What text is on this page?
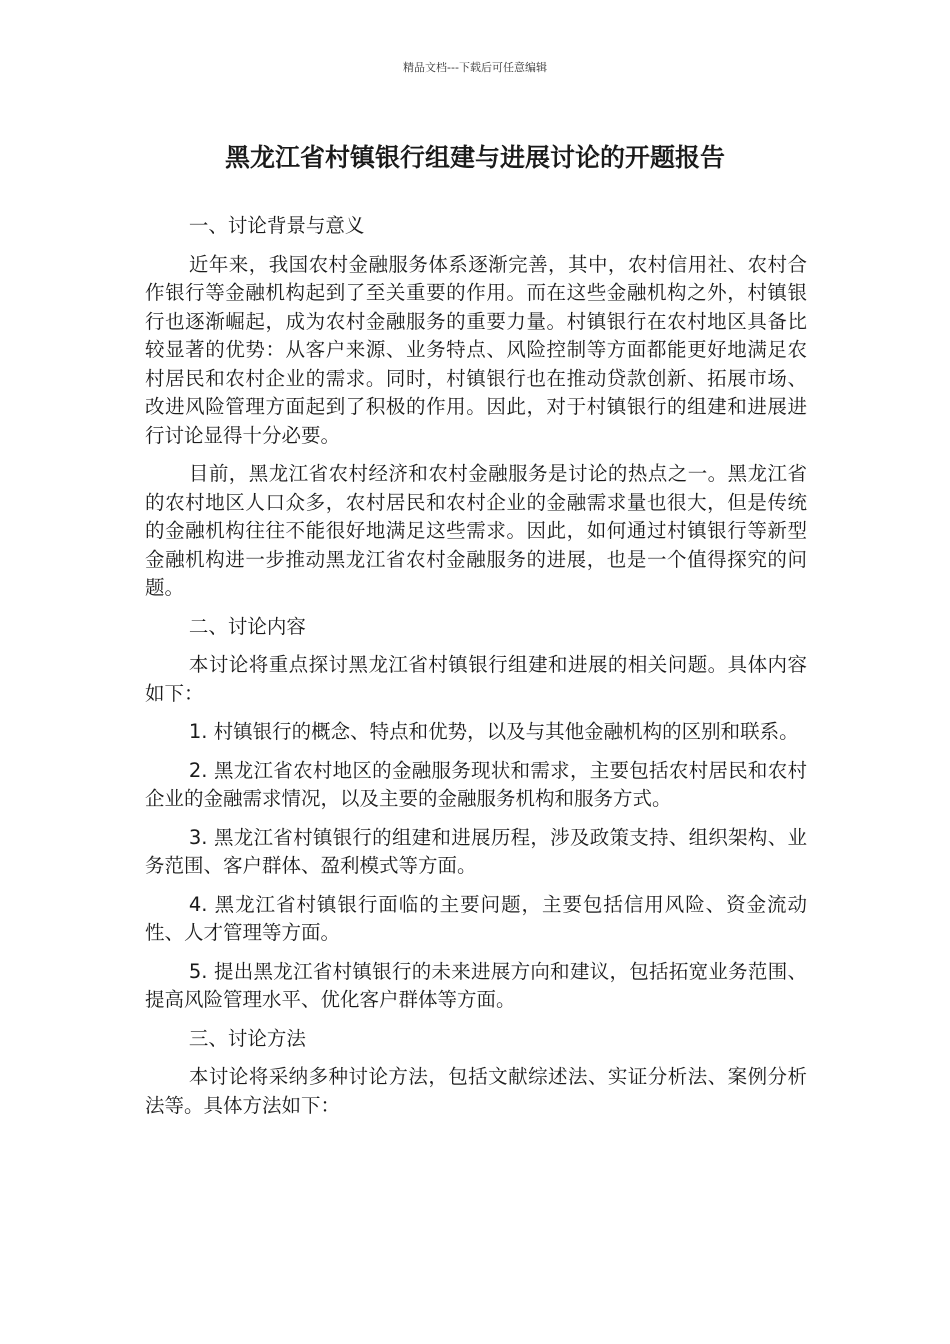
精品文档---下载后可任意编辑
黑龙江省村镇银行组建与进展讨论的开题报告

一、讨论背景与意义

近年来，我国农村金融服务体系逐渐完善，其中，农村信用社、农村合作银行等金融机构起到了至关重要的作用。而在这些金融机构之外，村镇银行也逐渐崛起，成为农村金融服务的重要力量。村镇银行在农村地区具备比较显著的优势：从客户来源、业务特点、风险控制等方面都能更好地满足农村居民和农村企业的需求。同时，村镇银行也在推动贷款创新、拓展市场、改进风险管理方面起到了积极的作用。因此，对于村镇银行的组建和进展进行讨论显得十分必要。

目前，黑龙江省农村经济和农村金融服务是讨论的热点之一。黑龙江省的农村地区人口众多，农村居民和农村企业的金融需求量也很大，但是传统的金融机构往往不能很好地满足这些需求。因此，如何通过村镇银行等新型金融机构进一步推动黑龙江省农村金融服务的进展，也是一个值得探究的问题。

二、讨论内容

本讨论将重点探讨黑龙江省村镇银行组建和进展的相关问题。具体内容如下：

1. 村镇银行的概念、特点和优势，以及与其他金融机构的区别和联系。

2. 黑龙江省农村地区的金融服务现状和需求，主要包括农村居民和农村企业的金融需求情况，以及主要的金融服务机构和服务方式。

3. 黑龙江省村镇银行的组建和进展历程，涉及政策支持、组织架构、业务范围、客户群体、盈利模式等方面。

4. 黑龙江省村镇银行面临的主要问题，主要包括信用风险、资金流动性、人才管理等方面。

5. 提出黑龙江省村镇银行的未来进展方向和建议，包括拓宽业务范围、提高风险管理水平、优化客户群体等方面。

三、讨论方法

本讨论将采纳多种讨论方法，包括文献综述法、实证分析法、案例分析法等。具体方法如下：
